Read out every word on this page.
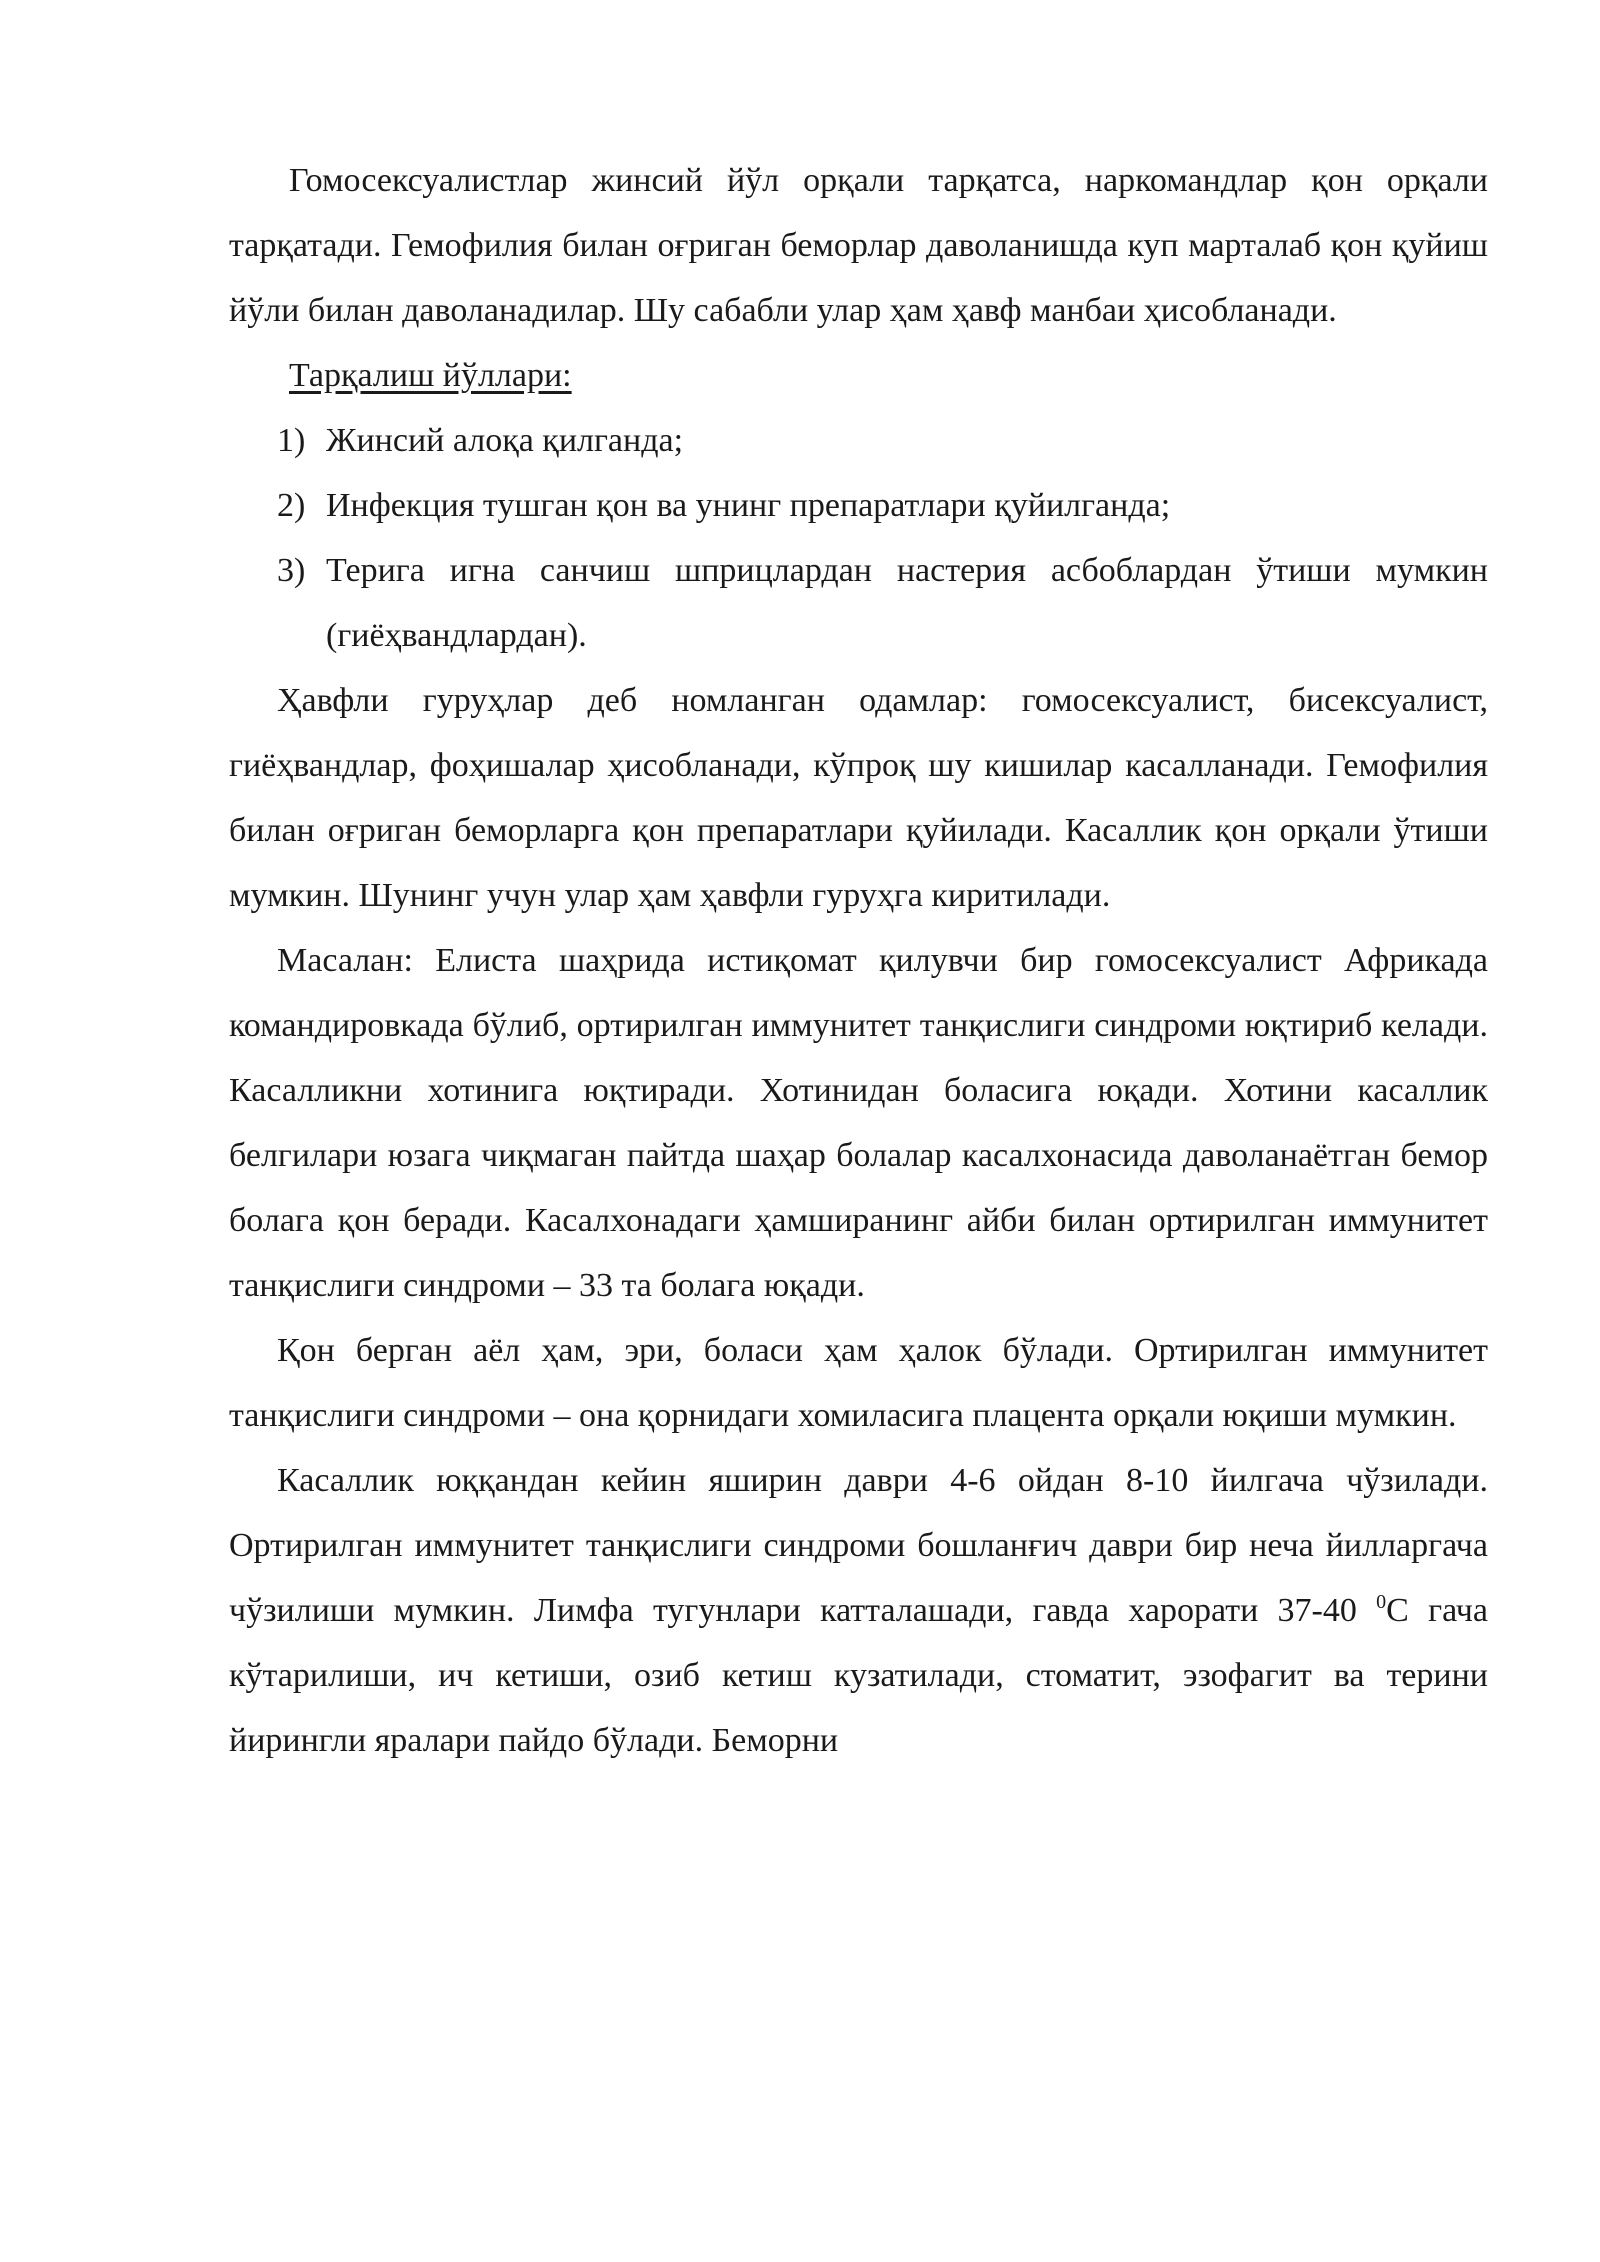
Гомосексуалистлар жинсий йўл орқали тарқатса, наркомандлар қон орқали тарқатади. Гемофилия билан оғриган беморлар даволанишда куп марталаб қон қуйиш йўли билан даволанадилар. Шу сабабли улар ҳам ҳавф манбаи ҳисобланади.

Тарқалиш йўллари:

1) Жинсий алоқа қилганда;
2) Инфекция тушган қон ва унинг препаратлари қуйилганда;
3) Терига игна санчиш шприцлардан настерия асбоблардан ўтиши мумкин (гиёҳвандлардан).

Ҳавфли гуруҳлар деб номланган одамлар: гомосексуалист, бисексуалист, гиёҳвандлар, фоҳишалар ҳисобланади, кўпроқ шу кишилар касалланади. Гемофилия билан оғриган беморларга қон препаратлари қуйилади. Касаллик қон орқали ўтиши мумкин. Шунинг учун улар ҳам ҳавфли гуруҳга киритилади.

Масалан: Елиста шаҳрида истиқомат қилувчи бир гомосексуалист Африкада командировкада бўлиб, ортирилган иммунитет танқислиги синдроми юқтириб келади. Касалликни хотинига юқтиради. Хотинидан боласига юқади. Хотини касаллик белгилари юзага чиқмаган пайтда шаҳар болалар касалхонасида даволанаётган бемор болага қон беради. Касалхонадаги ҳамширанинг айби билан ортирилган иммунитет танқислиги синдроми – 33 та болага юқади.

Қон берган аёл ҳам, эри, боласи ҳам ҳалок бўлади. Ортирилган иммунитет танқислиги синдроми – она қорнидаги хомиласига плацента орқали юқиши мумкин.

Касаллик юққандан кейин яширин даври 4-6 ойдан 8-10 йилгача чўзилади. Ортирилган иммунитет танқислиги синдроми бошланғич даври бир неча йилларгача чўзилиши мумкин. Лимфа тугунлари катталашади, гавда харорати 37-40 $^0$С гача кўтарилиши, ич кетиши, озиб кетиш кузатилади, стоматит, эзофагит ва терини йирингли яралари пайдо бўлади. Беморни
